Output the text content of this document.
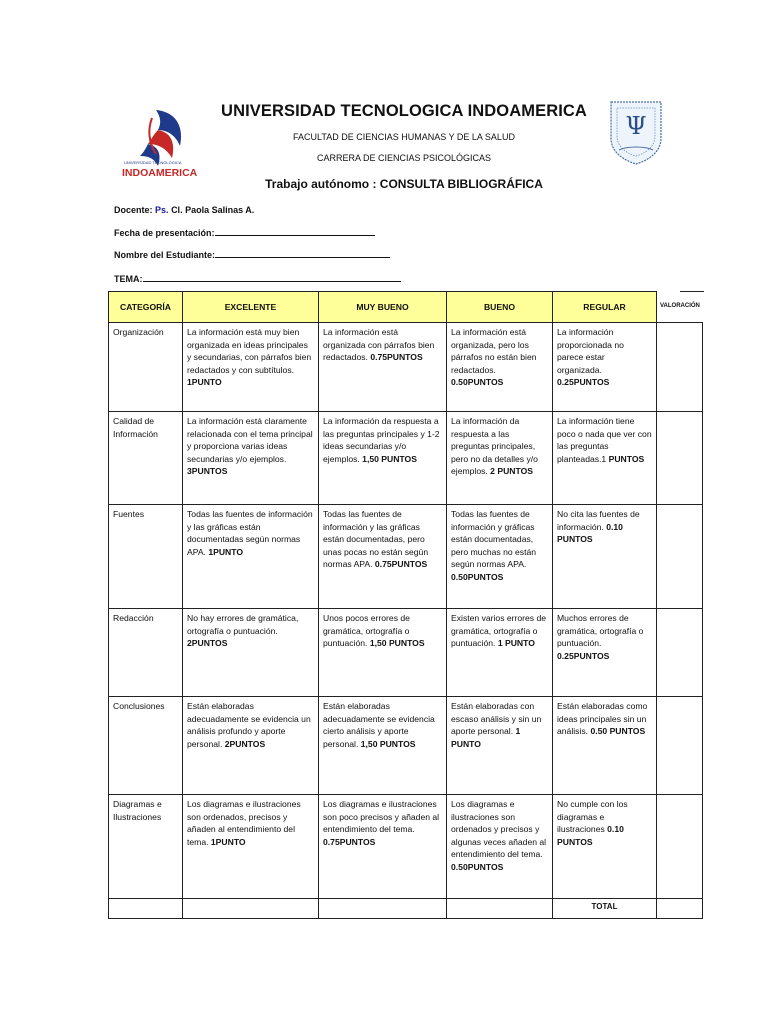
UNIVERSIDAD TECNOLÓGICA
INDOAMERICA
Ψ
UNIVERSIDAD TECNOLOGICA INDOAMERICA
FACULTAD DE CIENCIAS HUMANAS Y DE LA SALUD
CARRERA DE CIENCIAS PSICOLÓGICAS
Trabajo autónomo : CONSULTA BIBLIOGRÁFICA
Docente: Ps. Cl. Paola Salinas A.
Fecha de presentación:
Nombre del Estudiante:
TEMA:
CATEGORÍA	EXCELENTE	MUY BUENO	BUENO	REGULAR	VALORACIÓN
Organización	La información está muy bien organizada en ideas principales y secundarias, con párrafos bien redactados y con subtítulos. 1PUNTO	La información está organizada con párrafos bien redactados. 0.75PUNTOS	La información está organizada, pero los párrafos no están bien redactados. 0.50PUNTOS	La información proporcionada no parece estar organizada. 0.25PUNTOS	
Calidad de Información	La información está claramente relacionada con el tema principal y proporciona varias ideas secundarias y/o ejemplos. 3PUNTOS	La información da respuesta a las preguntas principales y 1-2 ideas secundarias y/o ejemplos. 1,50 PUNTOS	La información da respuesta a las preguntas principales, pero no da detalles y/o ejemplos. 2 PUNTOS	La información tiene poco o nada que ver con las preguntas planteadas.1 PUNTOS	
Fuentes	Todas las fuentes de información y las gráficas están documentadas según normas APA. 1PUNTO	Todas las fuentes de información y las gráficas están documentadas, pero unas pocas no están según normas APA. 0.75PUNTOS	Todas las fuentes de información y gráficas están documentadas, pero muchas no están según normas APA. 0.50PUNTOS	No cita las fuentes de información. 0.10 PUNTOS	
Redacción	No hay errores de gramática, ortografía o puntuación. 2PUNTOS	Unos pocos errores de gramática, ortografía o puntuación. 1,50 PUNTOS	Existen varios errores de gramática, ortografía o puntuación. 1 PUNTO	Muchos errores de gramática, ortografía o puntuación. 0.25PUNTOS	
Conclusiones	Están elaboradas adecuadamente se evidencia un análisis profundo y aporte personal. 2PUNTOS	Están elaboradas adecuadamente se evidencia cierto análisis y aporte personal. 1,50 PUNTOS	Están elaboradas con escaso análisis y sin un aporte personal. 1 PUNTO	Están elaboradas como ideas principales sin un análisis. 0.50 PUNTOS	
Diagramas e Ilustraciones	Los diagramas e ilustraciones son ordenados, precisos y añaden al entendimiento del tema. 1PUNTO	Los diagramas e ilustraciones son poco precisos y añaden al entendimiento del tema. 0.75PUNTOS	Los diagramas e ilustraciones son ordenados y precisos y algunas veces añaden al entendimiento del tema. 0.50PUNTOS	No cumple con los diagramas e ilustraciones 0.10 PUNTOS	
				TOTAL	
